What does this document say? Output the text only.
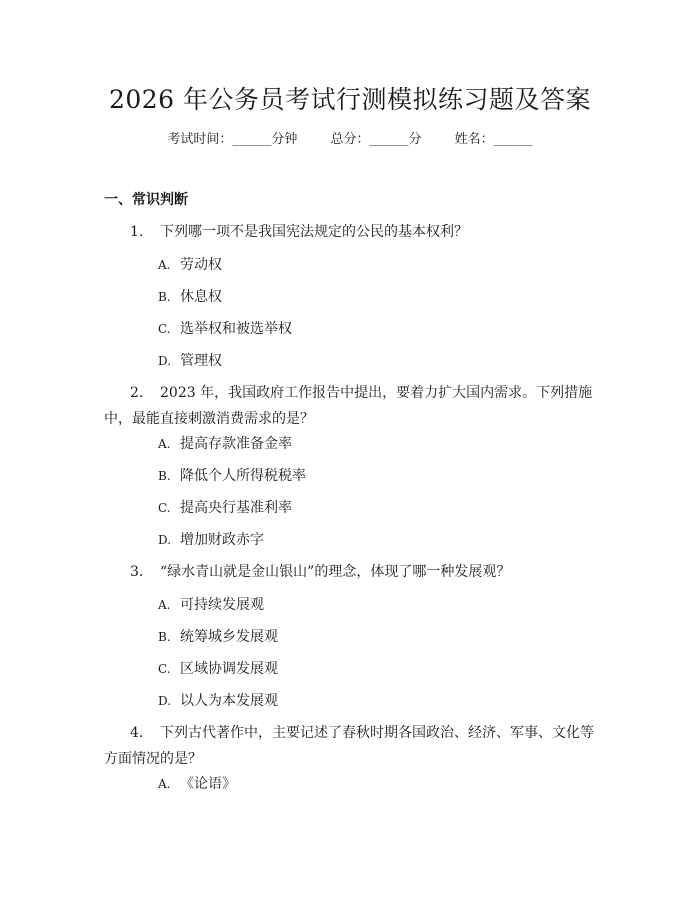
2026 年公务员考试行测模拟练习题及答案
考试时间：______分钟	总分：______分	姓名：______
一、常识判断
1. 下列哪一项不是我国宪法规定的公民的基本权利？
A. 劳动权
B. 休息权
C. 选举权和被选举权
D. 管理权
2. 2023 年，我国政府工作报告中提出，要着力扩大国内需求。下列措施中，最能直接刺激消费需求的是？
A. 提高存款准备金率
B. 降低个人所得税税率
C. 提高央行基准利率
D. 增加财政赤字
3. “绿水青山就是金山银山”的理念，体现了哪一种发展观？
A. 可持续发展观
B. 统筹城乡发展观
C. 区域协调发展观
D. 以人为本发展观
4. 下列古代著作中，主要记述了春秋时期各国政治、经济、军事、文化等方面情况的是？
A. 《论语》
